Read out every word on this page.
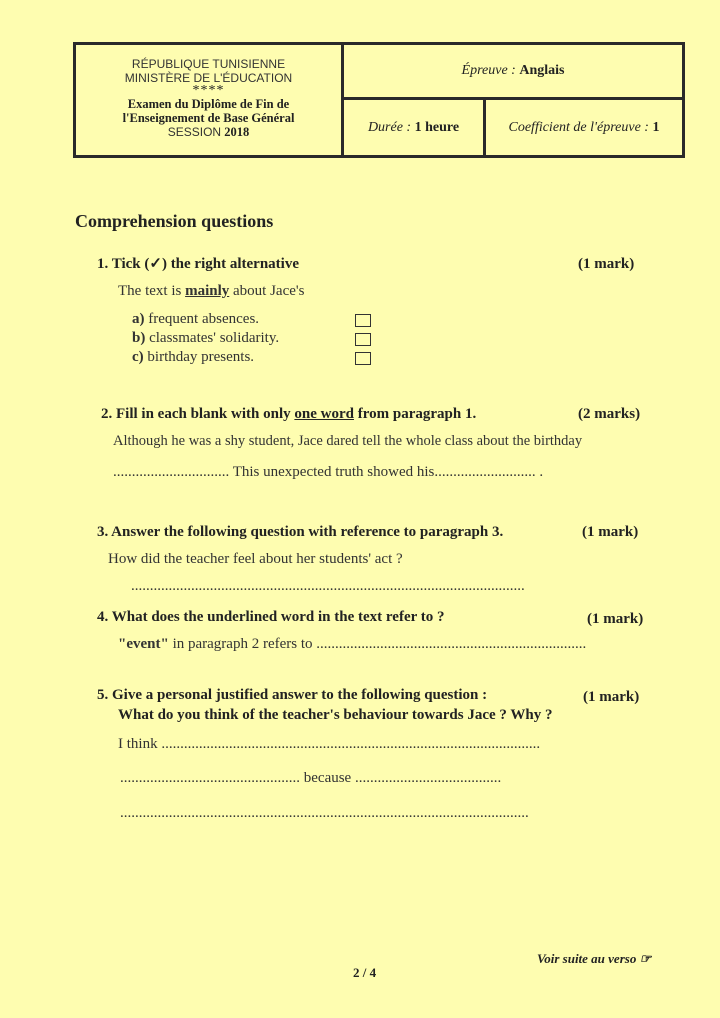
RÉPUBLIQUE TUNISIENNE
MINISTÈRE DE L'ÉDUCATION
****
Examen du Diplôme de Fin de
l'Enseignement de Base Général
SESSION 2018
Épreuve : Anglais
Durée : 1 heure	Coefficient de l'épreuve : 1
Comprehension questions
1. Tick (✓) the right alternative	(1 mark)
The text is mainly about Jace's
a) frequent absences.
b) classmates' solidarity.
c) birthday presents.
2. Fill in each blank with only one word from paragraph 1.	(2 marks)
Although he was a shy student, Jace dared tell the whole class about the birthday
............................... This unexpected truth showed his........................... .
3. Answer the following question with reference to paragraph 3.	(1 mark)
How did the teacher feel about her students' act ?
.........................................................................................................
4. What does the underlined word in the text refer to ?	(1 mark)
"event" in paragraph 2 refers to ........................................................................
5. Give a personal justified answer to the following question :	(1 mark)
What do you think of the teacher's behaviour towards Jace ? Why ?
I think .....................................................................................................
................................................ because .......................................
.............................................................................................................
2 / 4
Voir suite au verso ☞
